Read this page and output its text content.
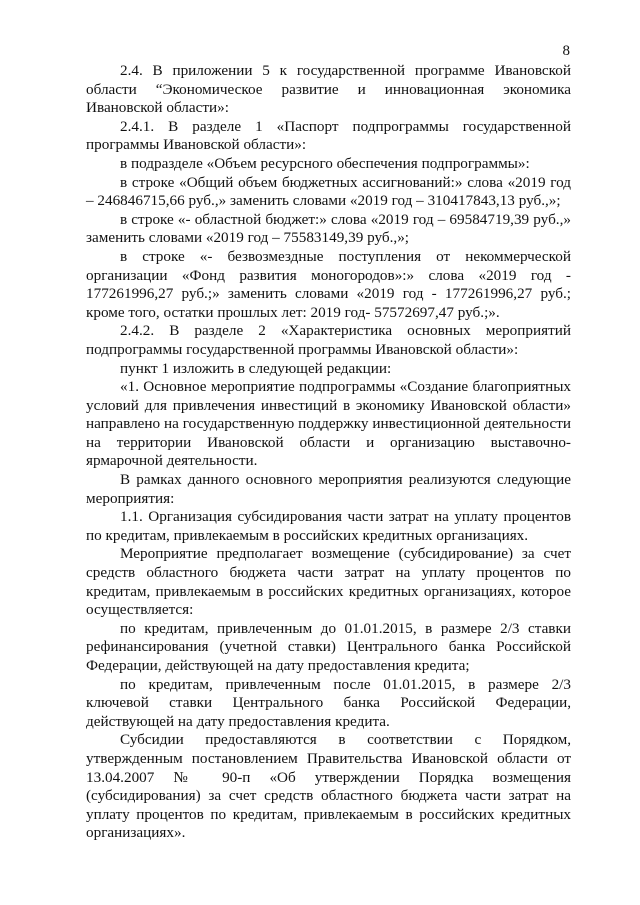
8

2.4. В приложении 5 к государственной программе Ивановской области “Экономическое развитие и инновационная экономика Ивановской области»:

2.4.1. В разделе 1 «Паспорт подпрограммы государственной программы Ивановской области»:

в подразделе «Объем ресурсного обеспечения подпрограммы»:

в строке «Общий объем бюджетных ассигнований:» слова «2019 год – 246846715,66 руб.,» заменить словами «2019 год – 310417843,13 руб.,»;

в строке «- областной бюджет:» слова «2019 год – 69584719,39 руб.,» заменить словами «2019 год – 75583149,39 руб.,»;

в строке «- безвозмездные поступления от некоммерческой организации «Фонд развития моногородов»:» слова «2019 год - 177261996,27 руб.;» заменить словами «2019 год - 177261996,27 руб.; кроме того, остатки прошлых лет: 2019 год- 57572697,47 руб.;».

2.4.2. В разделе 2 «Характеристика основных мероприятий подпрограммы государственной программы Ивановской области»:

пункт 1 изложить в следующей редакции:

«1. Основное мероприятие подпрограммы «Создание благоприятных условий для привлечения инвестиций в экономику Ивановской области» направлено на государственную поддержку инвестиционной деятельности на территории Ивановской области и организацию выставочно-ярмарочной деятельности.

В рамках данного основного мероприятия реализуются следующие мероприятия:

1.1. Организация субсидирования части затрат на уплату процентов по кредитам, привлекаемым в российских кредитных организациях.

Мероприятие предполагает возмещение (субсидирование) за счет средств областного бюджета части затрат на уплату процентов по кредитам, привлекаемым в российских кредитных организациях, которое осуществляется:

по кредитам, привлеченным до 01.01.2015, в размере 2/3 ставки рефинансирования (учетной ставки) Центрального банка Российской Федерации, действующей на дату предоставления кредита;

по кредитам, привлеченным после 01.01.2015, в размере 2/3 ключевой ставки Центрального банка Российской Федерации, действующей на дату предоставления кредита.

Субсидии предоставляются в соответствии с Порядком, утвержденным постановлением Правительства Ивановской области от 13.04.2007 № 90-п «Об утверждении Порядка возмещения (субсидирования) за счет средств областного бюджета части затрат на уплату процентов по кредитам, привлекаемым в российских кредитных организациях».
